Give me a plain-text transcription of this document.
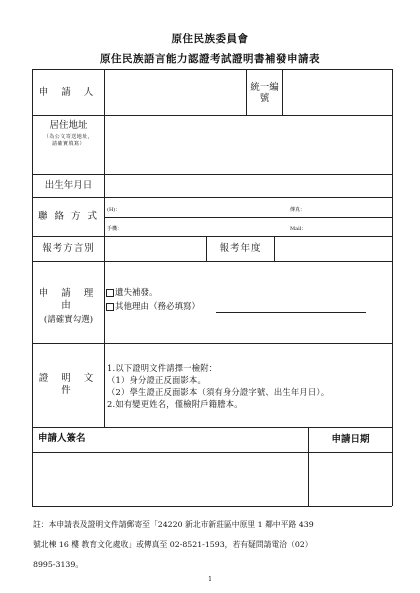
原住民族委員會
原住民族語言能力認證考試證明書補發申請表
申 請 人	統一編號
居住地址
（為公文寄送地址，請確實填寫）
出生年月日
聯 絡 方 式
(H)：	傳真：
手機：	Mail：
報考方言別	報考年度
申 請 理 由
(請確實勾選)
遺失補發。
其他理由（務必填寫）
證 明 文 件
1.以下證明文件請擇一檢附：
（1）身分證正反面影本。
（2）學生證正反面影本（須有身分證字號、出生年月日）。
2.如有變更姓名，僅檢附戶籍謄本。
申請人簽名	申請日期
註：本申請表及證明文件請郵寄至「24220 新北市新莊區中原里 1 鄰中平路 439
號北棟 16 樓 教育文化處收」或傳真至 02-8521-1593，若有疑問請電洽（02）
8995-3139。
1
